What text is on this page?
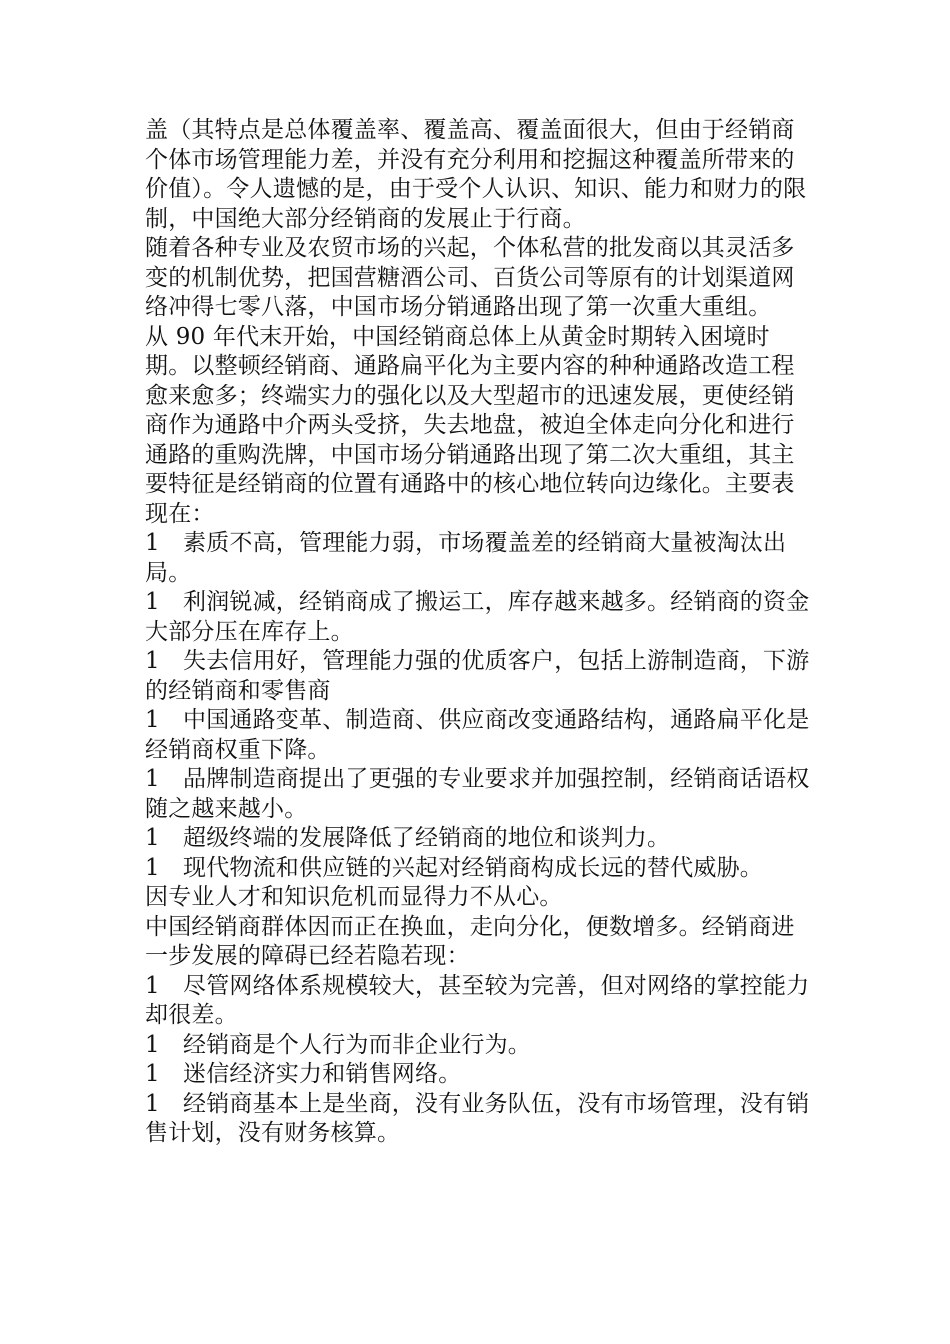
盖（其特点是总体覆盖率、覆盖高、覆盖面很大，但由于经销商个体市场管理能力差，并没有充分利用和挖掘这种覆盖所带来的价值）。令人遗憾的是，由于受个人认识、知识、能力和财力的限制，中国绝大部分经销商的发展止于行商。

随着各种专业及农贸市场的兴起，个体私营的批发商以其灵活多变的机制优势，把国营糖酒公司、百货公司等原有的计划渠道网络冲得七零八落，中国市场分销通路出现了第一次重大重组。

从 90 年代末开始，中国经销商总体上从黄金时期转入困境时期。以整顿经销商、通路扁平化为主要内容的种种通路改造工程愈来愈多；终端实力的强化以及大型超市的迅速发展，更使经销商作为通路中介两头受挤，失去地盘，被迫全体走向分化和进行通路的重购洗牌，中国市场分销通路出现了第二次大重组，其主要特征是经销商的位置有通路中的核心地位转向边缘化。主要表现在：

1 素质不高，管理能力弱，市场覆盖差的经销商大量被淘汰出局。

1 利润锐减，经销商成了搬运工，库存越来越多。经销商的资金大部分压在库存上。

1 失去信用好，管理能力强的优质客户，包括上游制造商，下游的经销商和零售商

1 中国通路变革、制造商、供应商改变通路结构，通路扁平化是经销商权重下降。

1 品牌制造商提出了更强的专业要求并加强控制，经销商话语权随之越来越小。

1 超级终端的发展降低了经销商的地位和谈判力。

1 现代物流和供应链的兴起对经销商构成长远的替代威胁。

因专业人才和知识危机而显得力不从心。

中国经销商群体因而正在换血，走向分化，便数增多。经销商进一步发展的障碍已经若隐若现：

1 尽管网络体系规模较大，甚至较为完善，但对网络的掌控能力却很差。

1 经销商是个人行为而非企业行为。

1 迷信经济实力和销售网络。

1 经销商基本上是坐商，没有业务队伍，没有市场管理，没有销售计划，没有财务核算。
